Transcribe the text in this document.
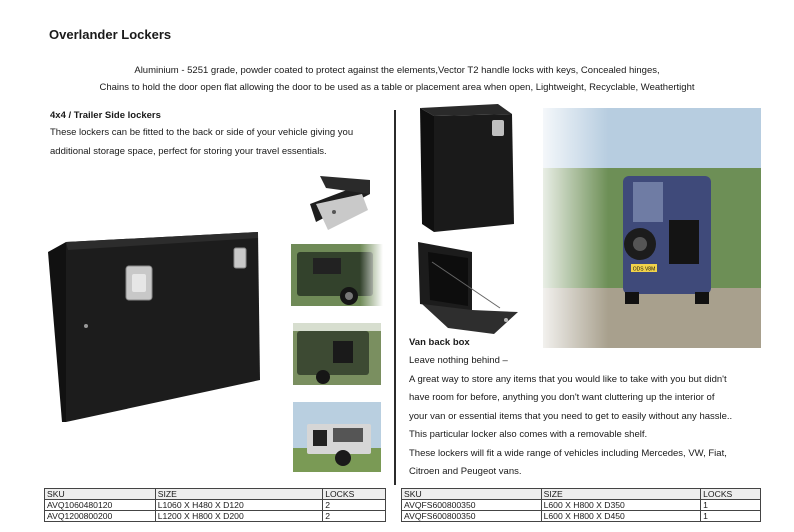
Overlander Lockers
Aluminium - 5251 grade, powder coated to protect against the elements,Vector T2 handle locks with keys, Concealed hinges,
Chains to hold the door open flat allowing the door to be used as a table or placement area when open, Lightweight, Recyclable, Weathertight
4x4 / Trailer Side lockers
These lockers can be fitted to the back or side of your vehicle giving you
additional storage space, perfect for storing your travel essentials.
Van back box
Leave nothing behind –
A great way to store any items that you would like to take with you but didn't
have room for before, anything you don't want cluttering up the interior of
your van or essential items that you need to get to easily without any hassle..
This particular locker also comes with a removable shelf.
These lockers will fit a wide range of vehicles including Mercedes, VW, Fiat,
Citroen and Peugeot vans.
SKU	SIZE	LOCKS
AVQ1060480120	L1060 X H480 X D120	2
AVQ1200800200	L1200 X H800 X D200	2
SKU	SIZE	LOCKS
AVQFS600800350	L600 X H800 X D350	1
AVQFS600800350	L600 X H800 X D450	1
